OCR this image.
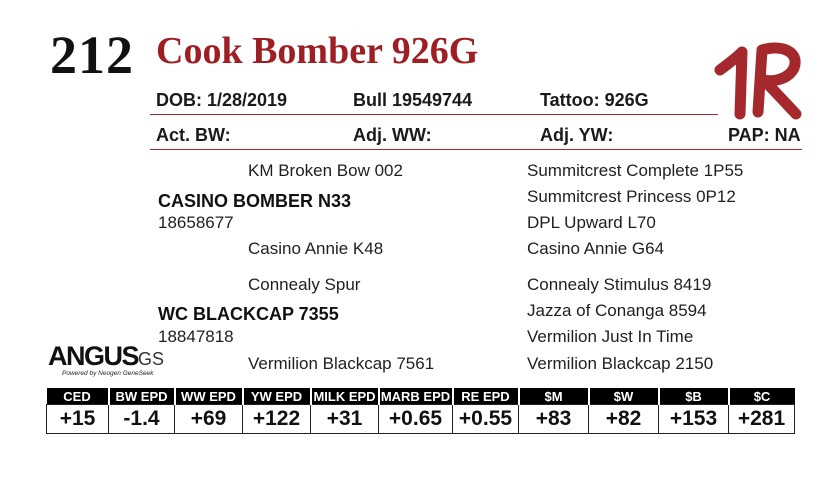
212 Cook Bomber 926G
DOB: 1/28/2019	Bull 19549744	Tattoo: 926G
Act. BW:	Adj. WW:	Adj. YW:	PAP: NA
KM Broken Bow 002
CASINO BOMBER N33
18658677
Casino Annie K48
Summitcrest Complete 1P55
Summitcrest Princess 0P12
DPL Upward L70
Casino Annie G64
Connealy Spur
WC BLACKCAP 7355
18847818
Vermilion Blackcap 7561
Connealy Stimulus 8419
Jazza of Conanga 8594
Vermilion Just In Time
Vermilion Blackcap 2150
ANGUSGS
Powered by Neogen GeneSeek
CED	BW EPD	WW EPD	YW EPD	MILK EPD	MARB EPD	RE EPD	$M	$W	$B	$C
+15	-1.4	+69	+122	+31	+0.65	+0.55	+83	+82	+153	+281
